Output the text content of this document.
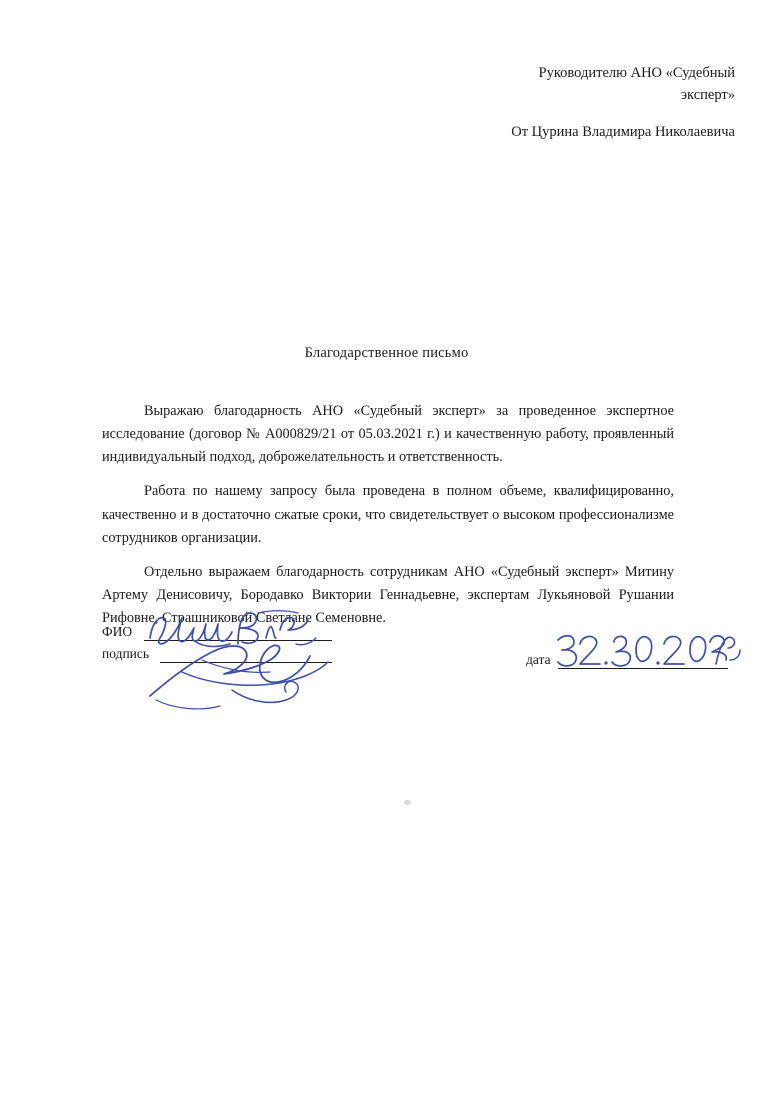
Руководителю АНО «Судебный
эксперт»
От Цурина Владимира Николаевича
Благодарственное письмо

Выражаю благодарность АНО «Судебный эксперт» за проведенное экспертное исследование (договор № А000829/21 от 05.03.2021 г.) и качественную работу, проявленный индивидуальный подход, доброжелательность и ответственность.

Работа по нашему запросу была проведена в полном объеме, квалифицированно, качественно и в достаточно сжатые сроки, что свидетельствует о высоком профессионализме сотрудников организации.

Отдельно выражаем благодарность сотрудникам АНО «Судебный эксперт» Митину Артему Денисовичу, Бородавко Виктории Геннадьевне, экспертам Лукьяновой Рушании Рифовне, Страшниковой Светлане Семеновне.

ФИО
подпись	дата
